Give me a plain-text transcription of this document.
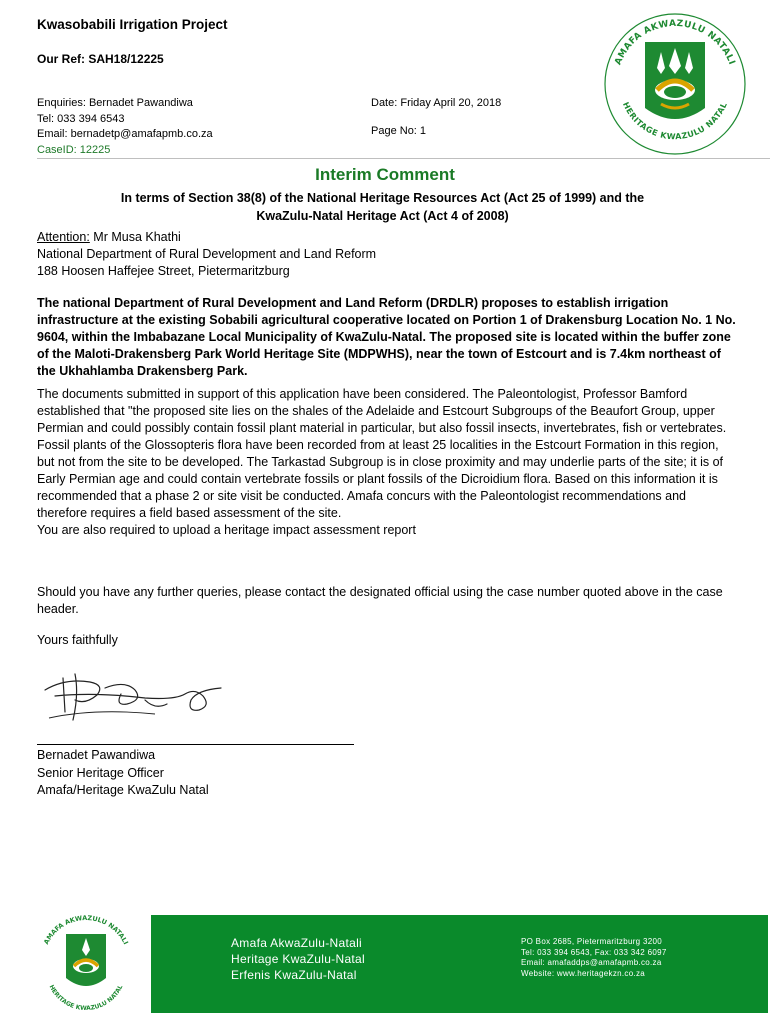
Kwasobabili Irrigation Project
Our Ref: SAH18/12225
Enquiries: Bernadet Pawandiwa
Tel: 033 394 6543
Email: bernadetp@amafapmb.co.za
CaseID: 12225
Date: Friday April 20, 2018
Page No: 1
AMAFA AKWAZULU NATALI
HERITAGE KWAZULU NATAL
Interim Comment
In terms of Section 38(8) of the National Heritage Resources Act (Act 25 of 1999) and the
KwaZulu-Natal Heritage Act (Act 4 of 2008)
Attention: Mr Musa Khathi
National Department of Rural Development and Land Reform
188 Hoosen Haffejee Street, Pietermaritzburg
The national Department of Rural Development and Land Reform (DRDLR) proposes to establish irrigation infrastructure at the existing Sobabili agricultural cooperative located on Portion 1 of Drakensburg Location No. 1 No. 9604, within the Imbabazane Local Municipality of KwaZulu-Natal. The proposed site is located within the buffer zone of the Maloti-Drakensberg Park World Heritage Site (MDPWHS), near the town of Estcourt and is 7.4km northeast of the Ukhahlamba Drakensberg Park.
The documents submitted in support of this application have been considered. The Paleontologist, Professor Bamford established that "the proposed site lies on the shales of the Adelaide and Estcourt Subgroups of the Beaufort Group, upper Permian and could possibly contain fossil plant material in particular, but also fossil insects, invertebrates, fish or vertebrates. Fossil plants of the Glossopteris flora have been recorded from at least 25 localities in the Estcourt Formation in this region, but not from the site to be developed. The Tarkastad Subgroup is in close proximity and may underlie parts of the site; it is of Early Permian age and could contain vertebrate fossils or plant fossils of the Dicroidium flora. Based on this information it is recommended that a phase 2 or site visit be conducted. Amafa concurs with the Paleontologist recommendations and therefore requires a field based assessment of the site.
You are also required to upload a heritage impact assessment report
Should you have any further queries, please contact the designated official using the case number quoted above in the case header.
Yours faithfully
Bernadet Pawandiwa
Senior Heritage Officer
Amafa/Heritage KwaZulu Natal
AMAFA AKWAZULU NATALI
HERITAGE KWAZULU NATAL
Amafa AkwaZulu-Natali
Heritage KwaZulu-Natal
Erfenis KwaZulu-Natal
PO Box 2685, Pietermaritzburg 3200
Tel: 033 394 6543, Fax: 033 342 6097
Email: amafaddps@amafapmb.co.za
Website: www.heritagekzn.co.za
